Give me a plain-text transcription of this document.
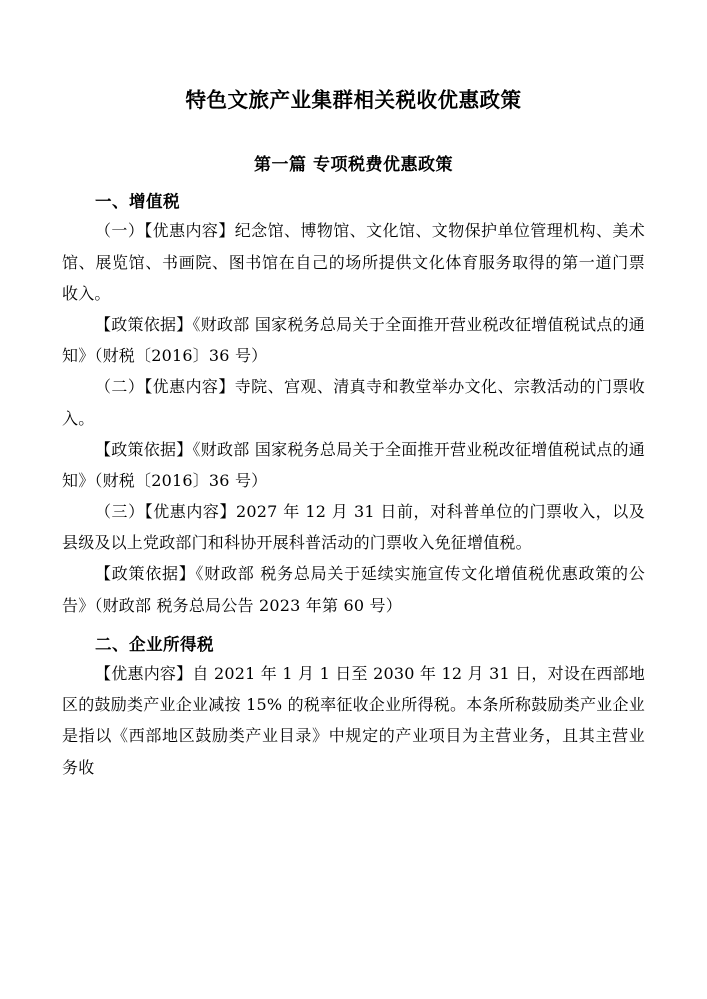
特色文旅产业集群相关税收优惠政策
第一篇 专项税费优惠政策
一、增值税

（一）【优惠内容】纪念馆、博物馆、文化馆、文物保护单位管理机构、美术馆、展览馆、书画院、图书馆在自己的场所提供文化体育服务取得的第一道门票收入。

【政策依据】《财政部 国家税务总局关于全面推开营业税改征增值税试点的通知》（财税〔2016〕36 号）

（二）【优惠内容】寺院、宫观、清真寺和教堂举办文化、宗教活动的门票收入。

【政策依据】《财政部 国家税务总局关于全面推开营业税改征增值税试点的通知》（财税〔2016〕36 号）

（三）【优惠内容】2027 年 12 月 31 日前，对科普单位的门票收入，以及县级及以上党政部门和科协开展科普活动的门票收入免征增值税。

【政策依据】《财政部 税务总局关于延续实施宣传文化增值税优惠政策的公告》（财政部 税务总局公告 2023 年第 60 号）

二、企业所得税

【优惠内容】自 2021 年 1 月 1 日至 2030 年 12 月 31 日，对设在西部地区的鼓励类产业企业减按 15% 的税率征收企业所得税。本条所称鼓励类产业企业是指以《西部地区鼓励类产业目录》中规定的产业项目为主营业务，且其主营业务收
